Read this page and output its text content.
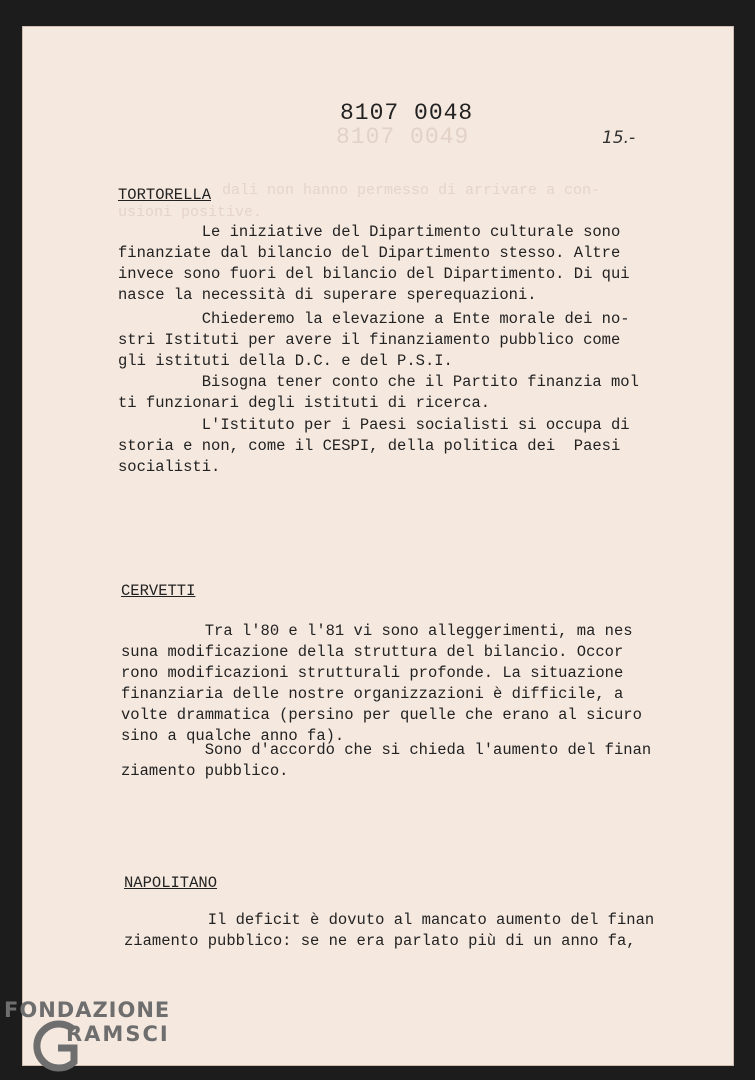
8107 0049
dali non hanno permesso di arrivare a con-
usioni positive.
8107 0048
15.-
TORTORELLA
Le iniziative del Dipartimento culturale sono
finanziate dal bilancio del Dipartimento stesso. Altre
invece sono fuori del bilancio del Dipartimento. Di qui
nasce la necessità di superare sperequazioni.
Chiederemo la elevazione a Ente morale dei no-
stri Istituti per avere il finanziamento pubblico come
gli istituti della D.C. e del P.S.I.
Bisogna tener conto che il Partito finanzia mol
ti funzionari degli istituti di ricerca.
L'Istituto per i Paesi socialisti si occupa di
storia e non, come il CESPI, della politica dei  Paesi
socialisti.
CERVETTI
Tra l'80 e l'81 vi sono alleggerimenti, ma nes
suna modificazione della struttura del bilancio. Occor
rono modificazioni strutturali profonde. La situazione
finanziaria delle nostre organizzazioni è difficile, a
volte drammatica (persino per quelle che erano al sicuro
sino a qualche anno fa).
Sono d'accordo che si chieda l'aumento del finan
ziamento pubblico.
NAPOLITANO
Il deficit è dovuto al mancato aumento del finan
ziamento pubblico: se ne era parlato più di un anno fa,
FONDAZIONE
RAMSCI
